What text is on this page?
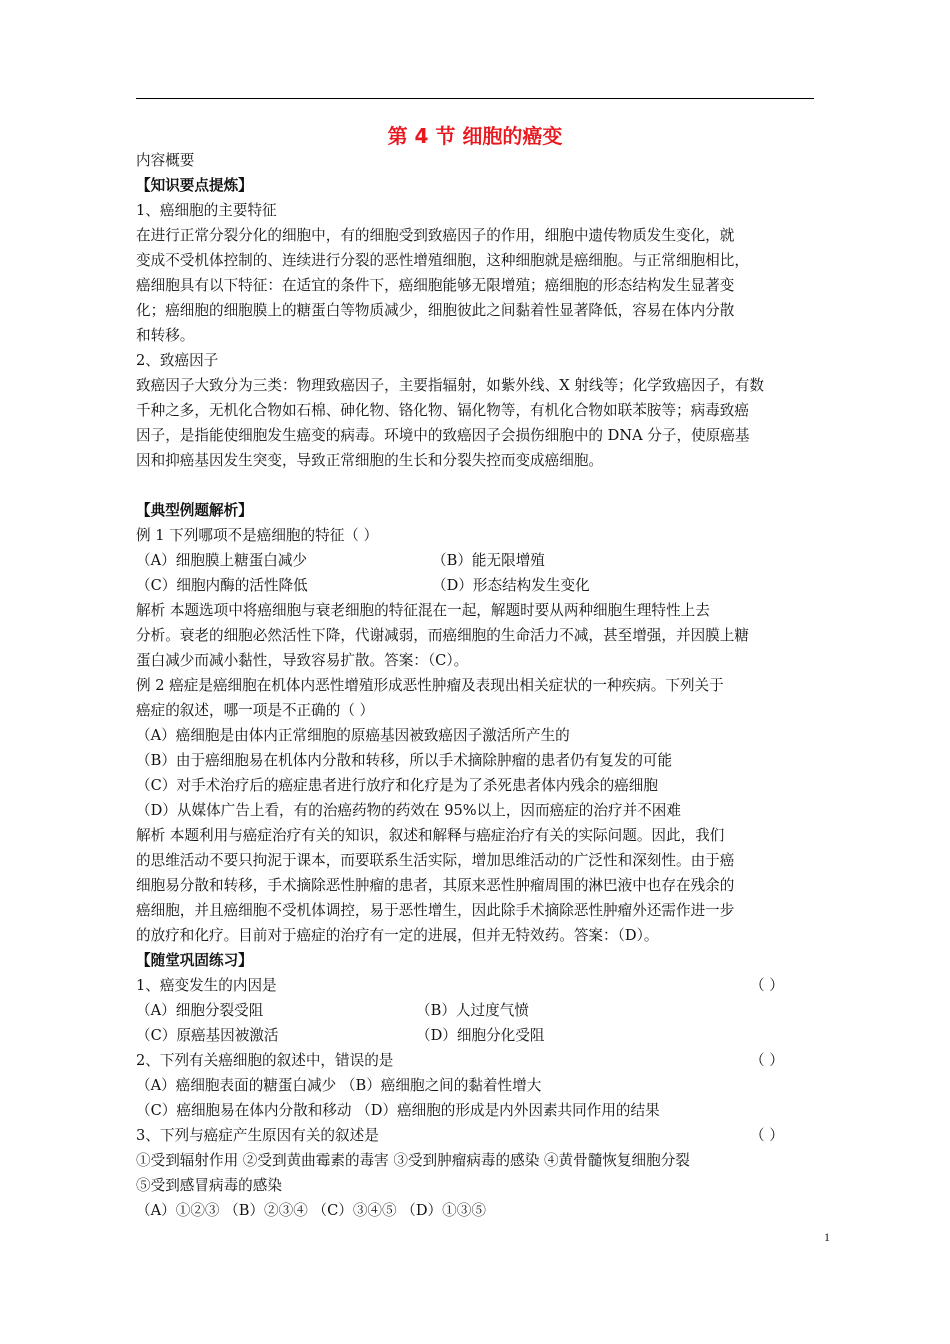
第 4 节 细胞的癌变
内容概要
【知识要点提炼】
1、癌细胞的主要特征
在进行正常分裂分化的细胞中，有的细胞受到致癌因子的作用，细胞中遗传物质发生变化，就
变成不受机体控制的、连续进行分裂的恶性增殖细胞，这种细胞就是癌细胞。与正常细胞相比，
癌细胞具有以下特征：在适宜的条件下，癌细胞能够无限增殖；癌细胞的形态结构发生显著变
化；癌细胞的细胞膜上的糖蛋白等物质减少，细胞彼此之间黏着性显著降低，容易在体内分散
和转移。
2、致癌因子
致癌因子大致分为三类：物理致癌因子，主要指辐射，如紫外线、X 射线等；化学致癌因子，有数
千种之多，无机化合物如石棉、砷化物、铬化物、镉化物等，有机化合物如联苯胺等；病毒致癌
因子，是指能使细胞发生癌变的病毒。环境中的致癌因子会损伤细胞中的 DNA 分子，使原癌基
因和抑癌基因发生突变，导致正常细胞的生长和分裂失控而变成癌细胞。
【典型例题解析】
例 1 下列哪项不是癌细胞的特征（ ）
（A）细胞膜上糖蛋白减少	（B）能无限增殖
（C）细胞内酶的活性降低	（D）形态结构发生变化
解析 本题选项中将癌细胞与衰老细胞的特征混在一起，解题时要从两种细胞生理特性上去
分析。衰老的细胞必然活性下降，代谢减弱，而癌细胞的生命活力不减，甚至增强，并因膜上糖
蛋白减少而减小黏性，导致容易扩散。答案：（C）。
例 2 癌症是癌细胞在机体内恶性增殖形成恶性肿瘤及表现出相关症状的一种疾病。下列关于
癌症的叙述，哪一项是不正确的（ ）
（A）癌细胞是由体内正常细胞的原癌基因被致癌因子激活所产生的
（B）由于癌细胞易在机体内分散和转移，所以手术摘除肿瘤的患者仍有复发的可能
（C）对手术治疗后的癌症患者进行放疗和化疗是为了杀死患者体内残余的癌细胞
（D）从媒体广告上看，有的治癌药物的药效在 95%以上，因而癌症的治疗并不困难
解析 本题利用与癌症治疗有关的知识，叙述和解释与癌症治疗有关的实际问题。因此，我们
的思维活动不要只拘泥于课本，而要联系生活实际，增加思维活动的广泛性和深刻性。由于癌
细胞易分散和转移，手术摘除恶性肿瘤的患者，其原来恶性肿瘤周围的淋巴液中也存在残余的
癌细胞，并且癌细胞不受机体调控，易于恶性增生，因此除手术摘除恶性肿瘤外还需作进一步
的放疗和化疗。目前对于癌症的治疗有一定的进展，但并无特效药。答案：（D）。
【随堂巩固练习】
1、癌变发生的内因是	（ ）
（A）细胞分裂受阻	（B）人过度气愤
（C）原癌基因被激活	（D）细胞分化受阻
2、下列有关癌细胞的叙述中，错误的是	（ ）
（A）癌细胞表面的糖蛋白减少 （B）癌细胞之间的黏着性增大
（C）癌细胞易在体内分散和移动 （D）癌细胞的形成是内外因素共同作用的结果
3、下列与癌症产生原因有关的叙述是	（ ）
①受到辐射作用 ②受到黄曲霉素的毒害 ③受到肿瘤病毒的感染 ④黄骨髓恢复细胞分裂
⑤受到感冒病毒的感染
（A）①②③ （B）②③④ （C）③④⑤ （D）①③⑤
1
